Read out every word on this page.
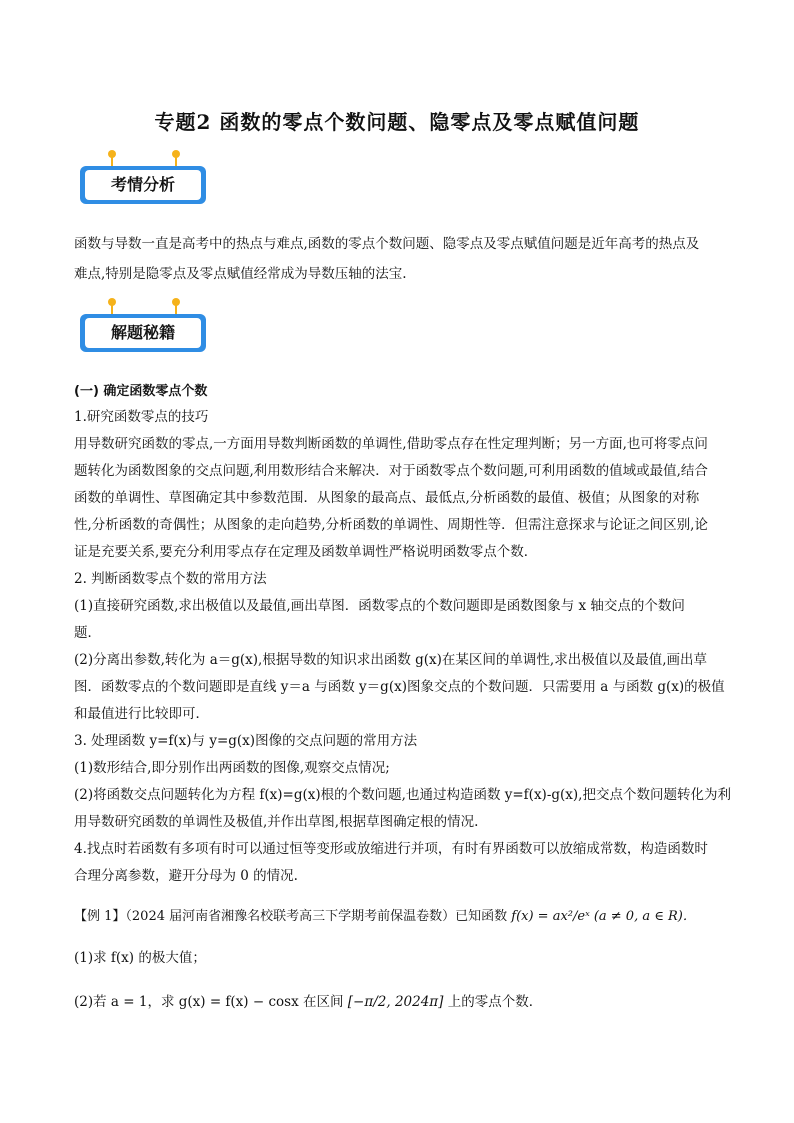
专题2 函数的零点个数问题、隐零点及零点赋值问题
考情分析
函数与导数一直是高考中的热点与难点,函数的零点个数问题、隐零点及零点赋值问题是近年高考的热点及
难点,特别是隐零点及零点赋值经常成为导数压轴的法宝.
解题秘籍
(一) 确定函数零点个数
1.研究函数零点的技巧
用导数研究函数的零点,一方面用导数判断函数的单调性,借助零点存在性定理判断；另一方面,也可将零点问
题转化为函数图象的交点问题,利用数形结合来解决．对于函数零点个数问题,可利用函数的值域或最值,结合
函数的单调性、草图确定其中参数范围．从图象的最高点、最低点,分析函数的最值、极值；从图象的对称
性,分析函数的奇偶性；从图象的走向趋势,分析函数的单调性、周期性等．但需注意探求与论证之间区别,论
证是充要关系,要充分利用零点存在定理及函数单调性严格说明函数零点个数．
2. 判断函数零点个数的常用方法
(1)直接研究函数,求出极值以及最值,画出草图．函数零点的个数问题即是函数图象与 x 轴交点的个数问
题．
(2)分离出参数,转化为 a＝g(x),根据导数的知识求出函数 g(x)在某区间的单调性,求出极值以及最值,画出草
图．函数零点的个数问题即是直线 y＝a 与函数 y＝g(x)图象交点的个数问题．只需要用 a 与函数 g(x)的极值
和最值进行比较即可．
3. 处理函数 y=f(x)与 y=g(x)图像的交点问题的常用方法
(1)数形结合,即分别作出两函数的图像,观察交点情况;
(2)将函数交点问题转化为方程 f(x)=g(x)根的个数问题,也通过构造函数 y=f(x)-g(x),把交点个数问题转化为利
用导数研究函数的单调性及极值,并作出草图,根据草图确定根的情况.
4.找点时若函数有多项有时可以通过恒等变形或放缩进行并项，有时有界函数可以放缩成常数，构造函数时
合理分离参数，避开分母为 0 的情况.
【例 1】（2024 届河南省湘豫名校联考高三下学期考前保温卷数）已知函数 f(x) = ax²/eˣ (a ≠ 0, a ∈ R)．
(1)求 f(x) 的极大值；
(2)若 a = 1，求 g(x) = f(x) − cosx 在区间 [−π/2, 2024π] 上的零点个数．
